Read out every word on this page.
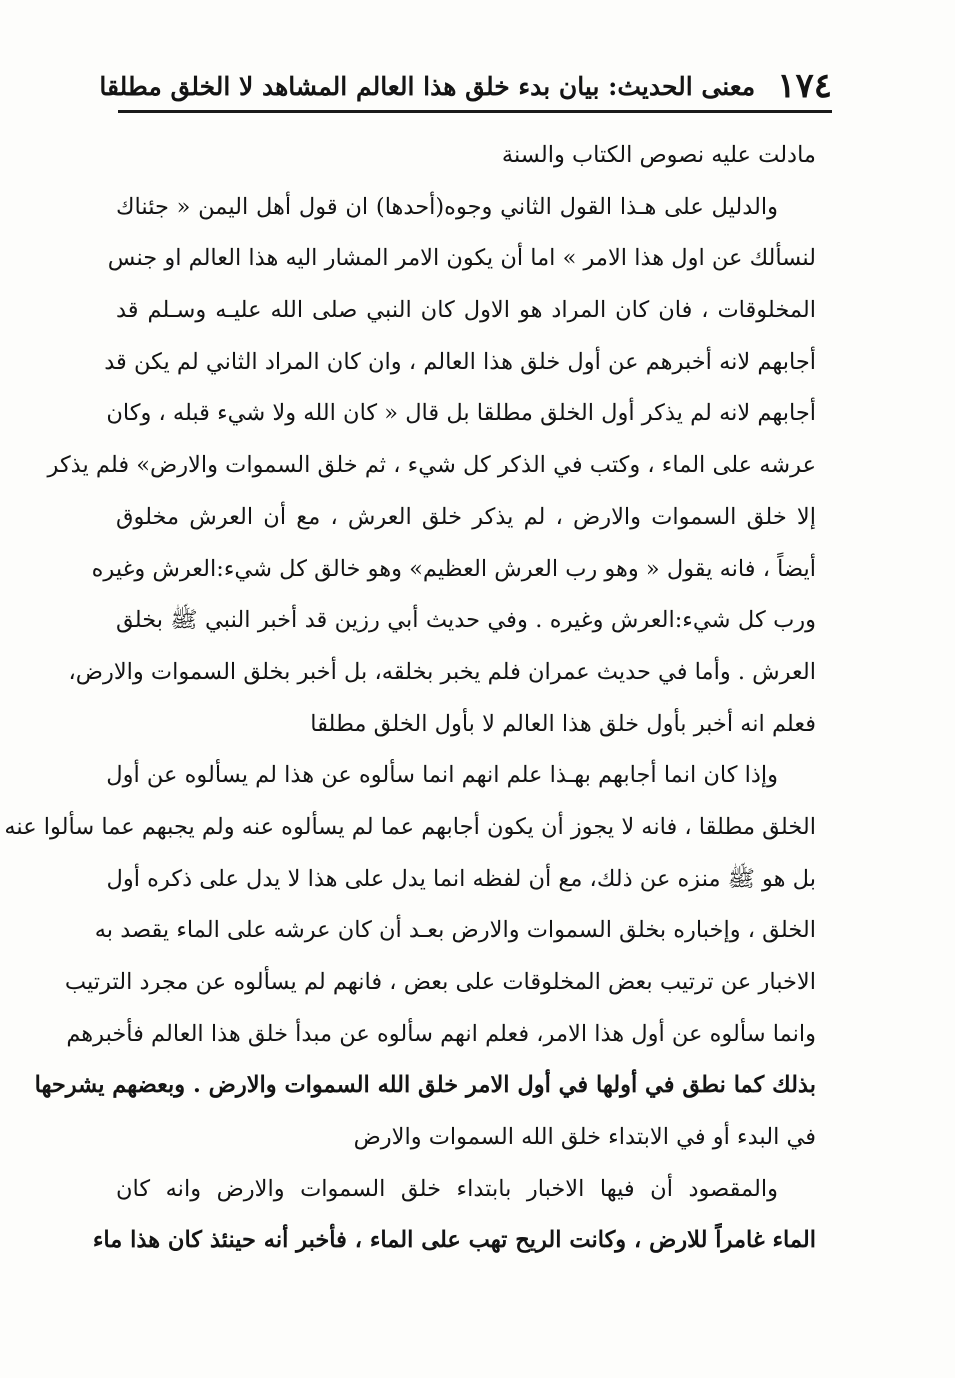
١٧٤
معنى الحديث: بيان بدء خلق هذا العالم المشاهد لا الخلق مطلقا
مادلت عليه نصوص الكتاب والسنة
والدليل على هـذا القول الثاني وجوه(أحدها) ان قول أهل اليمن « جئناك
لنسألك عن اول هذا الامر » اما أن يكون الامر المشار اليه هذا العالم او جنس
المخلوقات ، فان كان المراد هو الاول كان النبي صلى الله عليـه وسـلم قد
أجابهم لانه أخبرهم عن أول خلق هذا العالم ، وان كان المراد الثاني لم يكن قد
أجابهم لانه لم يذكر أول الخلق مطلقا بل قال « كان الله ولا شيء قبله ، وكان
عرشه على الماء ، وكتب في الذكر كل شيء ، ثم خلق السموات والارض» فلم يذكر
إلا خلق السموات والارض ، لم يذكر خلق العرش ، مع أن العرش مخلوق
أيضاً ، فانه يقول « وهو رب العرش العظيم» وهو خالق كل شيء:العرش وغيره
ورب كل شيء:العرش وغيره . وفي حديث أبي رزين قد أخبر النبي ﷺ بخلق
العرش . وأما في حديث عمران فلم يخبر بخلقه، بل أخبر بخلق السموات والارض،
فعلم انه أخبر بأول خلق هذا العالم لا بأول الخلق مطلقا
وإذا كان انما أجابهم بهـذا علم انهم انما سألوه عن هذا لم يسألوه عن أول
الخلق مطلقا ، فانه لا يجوز أن يكون أجابهم عما لم يسألوه عنه ولم يجبهم عما سألوا عنه
بل هو ﷺ منزه عن ذلك، مع أن لفظه انما يدل على هذا لا يدل على ذكره أول
الخلق ، وإخباره بخلق السموات والارض بعـد أن كان عرشه على الماء يقصد به
الاخبار عن ترتيب بعض المخلوقات على بعض ، فانهم لم يسألوه عن مجرد الترتيب
وانما سألوه عن أول هذا الامر، فعلم انهم سألوه عن مبدأ خلق هذا العالم فأخبرهم
بذلك كما نطق في أولها في أول الامر خلق الله السموات والارض . وبعضهم يشرحها
في البدء أو في الابتداء خلق الله السموات والارض
والمقصود أن فيها الاخبار بابتداء خلق السموات والارض وانه كان
الماء غامراً للارض ، وكانت الريح تهب على الماء ، فأخبر أنه حينئذ كان هذا ماء
